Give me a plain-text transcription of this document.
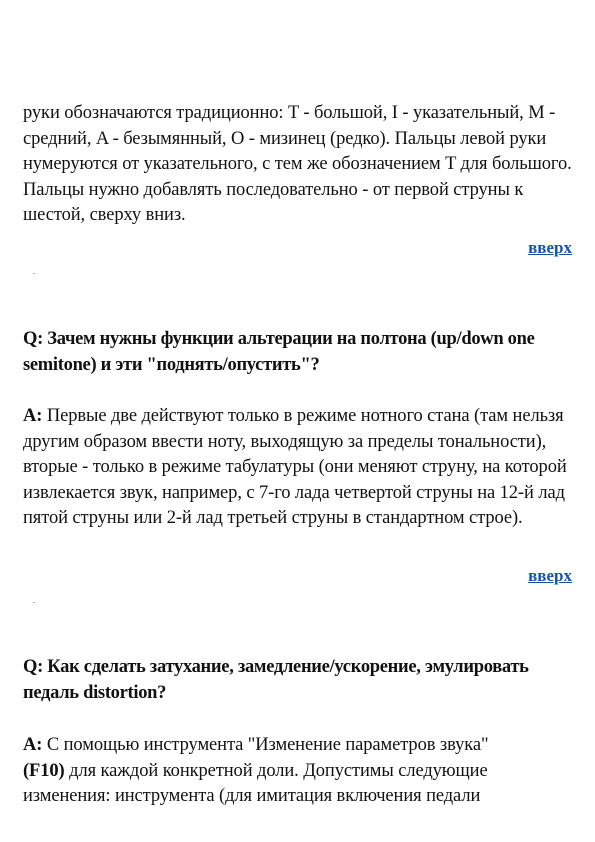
руки обозначаются традиционно: T - большой, I - указательный, M - средний, A - безымянный, O - мизинец (редко). Пальцы левой руки нумеруются от указательного, с тем же обозначением T для большого. Пальцы нужно добавлять последовательно - от первой струны к шестой, сверху вниз.

вверх
.

Q: Зачем нужны функции альтерации на полтона (up/down one semitone) и эти "поднять/опустить"?

A: Первые две действуют только в режиме нотного стана (там нельзя другим образом ввести ноту, выходящую за пределы тональности), вторые - только в режиме табулатуры (они меняют струну, на которой извлекается звук, например, с 7-го лада четвертой струны на 12-й лад пятой струны или 2-й лад третьей струны в стандартном строе).

вверх
.

Q: Как сделать затухание, замедление/ускорение, эмулировать педаль distortion?

A: С помощью инструмента "Изменение параметров звука"
(F10) для каждой конкретной доли. Допустимы следующие изменения: инструмента (для имитация включения педали
